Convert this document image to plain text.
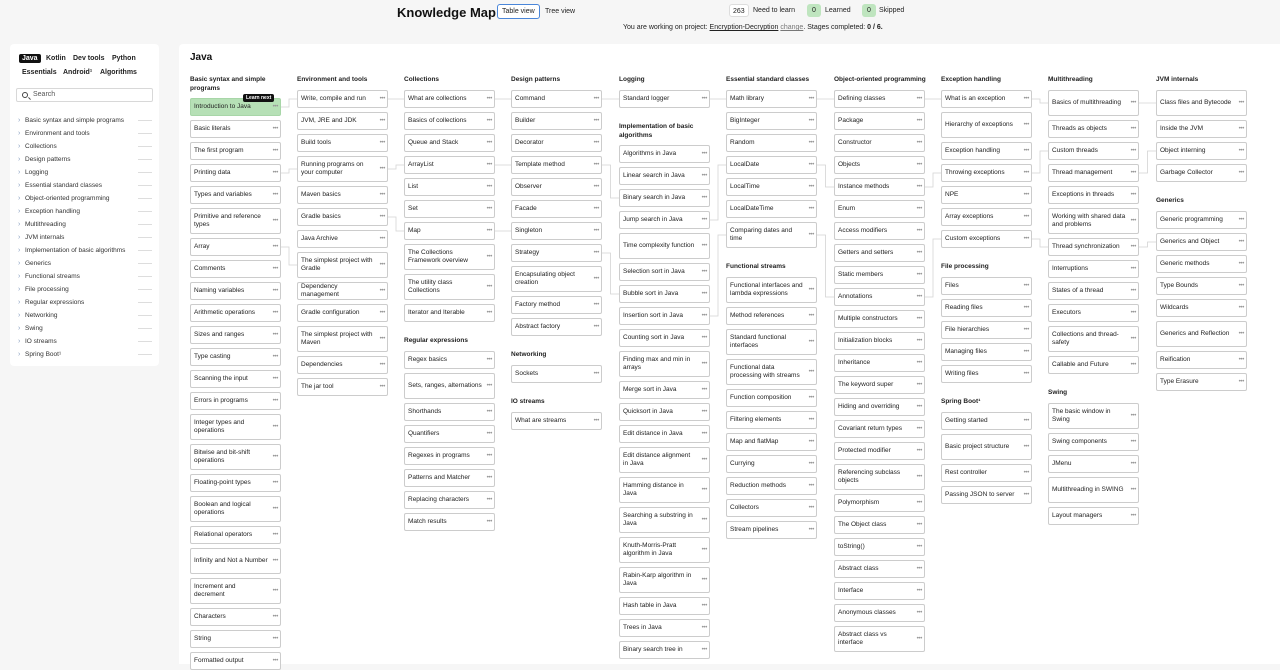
Knowledge Map Table view	Tree view	263	Need to learn	0	Learned	0	Skipped
You are working on project: Encryption-Decryption change. Stages completed: 0 / 6.
Java	Kotlin	Dev tools	Python
Essentials Android¹	Algorithms
Search
› Basic syntax and simple programs ——
› Environment and tools	——
› Collections	——
› Design patterns	——
› Logging	——
› Essential standard classes	——
› Object-oriented programming	——
› Exception handling	——
› Multithreading	——
› JVM internals	——
› Implementation of basic algorithms ——
› Generics	——
› Functional streams	——
› File processing	——
› Regular expressions	——
› Networking	——
› Swing	——
› IO streams	——
› Spring Boot¹	——
Java
Basic syntax and simple programs
Introduction to Java	•••
Basic literals	•••
The first program	•••
Printing data	•••
Types and variables	•••
Primitive and reference types	•••
Array	•••
Comments	•••
Naming variables	•••
Arithmetic operations	•••
Sizes and ranges	•••
Type casting	•••
Scanning the input	•••
Errors in programs	•••
Integer types and operations	•••
Bitwise and bit-shift operations	•••
Floating-point types	•••
Boolean and logical operations	•••
Relational operators	•••
Infinity and Not a Number •••
Increment and decrement	•••
Characters	•••
String	•••
Formatted output	•••
Environment and tools
Write, compile and run •••
JVM, JRE and JDK	•••
Build tools	•••
Running programs on your computer	•••
Maven basics	•••
Gradle basics	•••
Java Archive	•••
The simplest project with Gradle	•••
Dependency management	•••
Gradle configuration	•••
The simplest project with Maven	•••
Dependencies	•••
The jar tool	•••
Collections
What are collections	•••
Basics of collections	•••
Queue and Stack	•••
ArrayList	•••
List	•••
Set	•••
Map	•••
The Collections Framework overview	•••
The utility class Collections	•••
Iterator and Iterable	•••
Regular expressions
Regex basics	•••
Sets, ranges, alternations •••
Shorthands	•••
Quantifiers	•••
Regexes in programs	•••
Patterns and Matcher	•••
Replacing characters	•••
Match results	•••
Design patterns
Command	•••
Builder	•••
Decorator	•••
Template method	•••
Observer	•••
Facade	•••
Singleton	•••
Strategy	•••
Encapsulating object creation	•••
Factory method	•••
Abstract factory	•••
Networking
Sockets	•••
IO streams
What are streams	•••
Logging
Standard logger	•••
Implementation of basic algorithms
Algorithms in Java	•••
Linear search in Java	•••
Binary search in Java	•••
Jump search in Java	•••
Time complexity function •••
Selection sort in Java	•••
Bubble sort in Java	•••
Insertion sort in Java	•••
Counting sort in Java	•••
Finding max and min in arrays	•••
Merge sort in Java	•••
Quicksort in Java	•••
Edit distance in Java	•••
Edit distance alignment in Java	•••
Hamming distance in Java	•••
Searching a substring in Java	•••
Knuth-Morris-Pratt algorithm in Java	•••
Rabin-Karp algorithm in Java	•••
Hash table in Java	•••
Trees in Java	•••
Binary search tree in	•••
Essential standard classes
Math library	•••
BigInteger	•••
Random	•••
LocalDate	•••
LocalTime	•••
LocalDateTime	•••
Comparing dates and time	•••
Functional streams
Functional interfaces and lambda expressions	•••
Method references	•••
Standard functional interfaces	•••
Functional data processing with streams	•••
Function composition	•••
Filtering elements	•••
Map and flatMap	•••
Currying	•••
Reduction methods	•••
Collectors	•••
Stream pipelines	•••
Object-oriented programming
Defining classes	•••
Package	•••
Constructor	•••
Objects	•••
Instance methods	•••
Enum	•••
Access modifiers	•••
Getters and setters	•••
Static members	•••
Annotations	•••
Multiple constructors	•••
Initialization blocks	•••
Inheritance	•••
The keyword super	•••
Hiding and overriding	•••
Covariant return types •••
Protected modifier	•••
Referencing subclass objects	•••
Polymorphism	•••
The Object class	•••
toString()	•••
Abstract class	•••
Interface	•••
Anonymous classes	•••
Abstract class vs interface	•••
Exception handling
What is an exception	•••
Hierarchy of exceptions •••
Exception handling	•••
Throwing exceptions	•••
NPE	•••
Array exceptions	•••
Custom exceptions	•••
File processing
Files	•••
Reading files	•••
File hierarchies	•••
Managing files	•••
Writing files	•••
Spring Boot¹
Getting started	•••
Basic project structure •••
Rest controller	•••
Passing JSON to server •••
Multithreading
Basics of multithreading •••
Threads as objects	•••
Custom threads	•••
Thread management	•••
Exceptions in threads	•••
Working with shared data and problems	•••
Thread synchronization •••
Interruptions	•••
States of a thread	•••
Executors	•••
Collections and thread-safety	•••
Callable and Future	•••
Swing
The basic window in Swing	•••
Swing components	•••
JMenu	•••
Multithreading in SWING •••
Layout managers	•••
JVM internals
Class files and Bytecode •••
Inside the JVM	•••
Object interning	•••
Garbage Collector	•••
Generics
Generic programming	•••
Generics and Object	•••
Generic methods	•••
Type Bounds	•••
Wildcards	•••
Generics and Reflection •••
Reification	•••
Type Erasure	•••
Learn next
